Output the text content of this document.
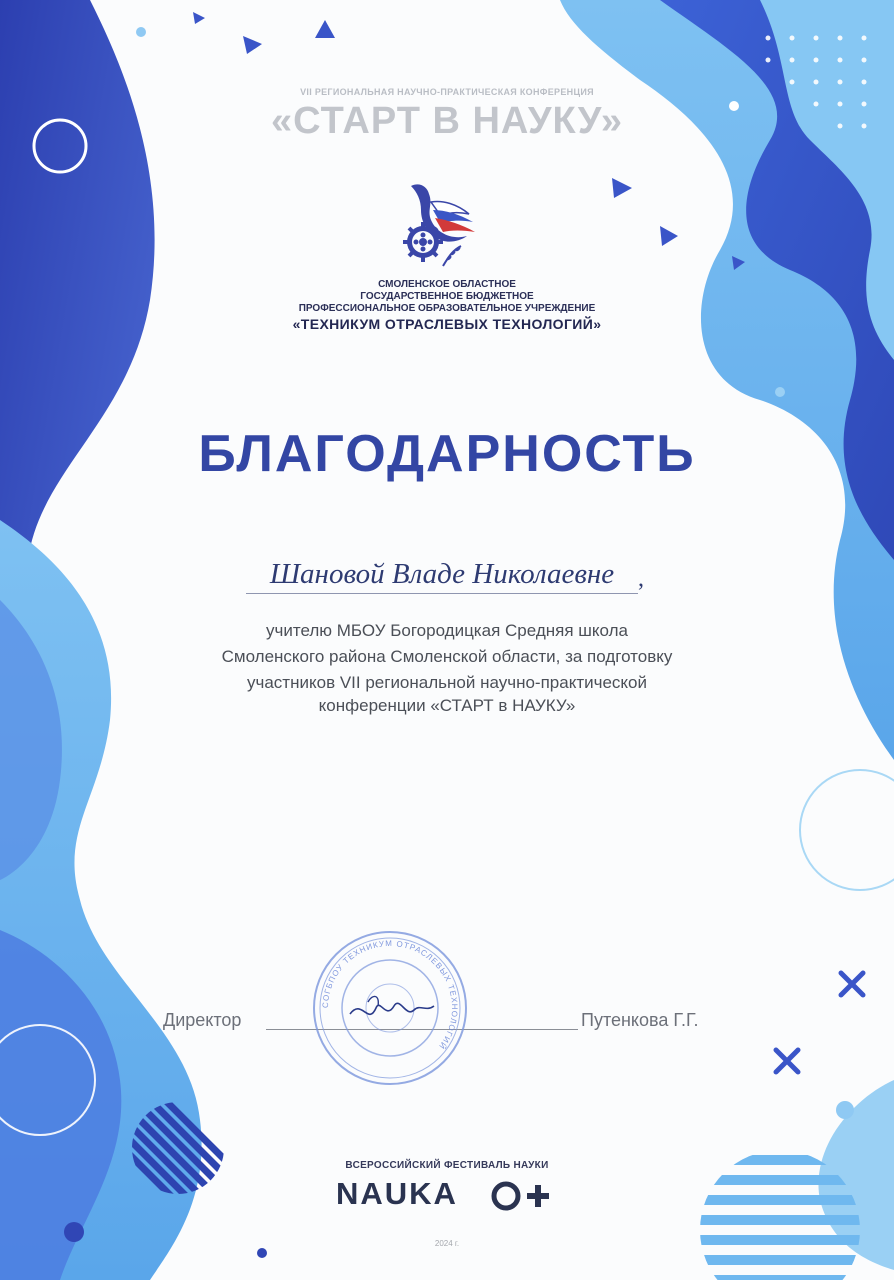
VII РЕГИОНАЛЬНАЯ НАУЧНО-ПРАКТИЧЕСКАЯ КОНФЕРЕНЦИЯ

«СТАРТ В НАУКУ»

СМОЛЕНСКОЕ ОБЛАСТНОЕ

ГОСУДАРСТВЕННОЕ БЮДЖЕТНОЕ

ПРОФЕССИОНАЛЬНОЕ ОБРАЗОВАТЕЛЬНОЕ УЧРЕЖДЕНИЕ

«ТЕХНИКУМ ОТРАСЛЕВЫХ ТЕХНОЛОГИЙ»

БЛАГОДАРНОСТЬ
Шановой Владе Николаевне ,

учителю МБОУ Богородицкая Средняя школа

Смоленского района Смоленской области, за подготовку

участников VII региональной научно-практической

конференции «СТАРТ в НАУКУ»

Директор	Путенкова Г.Г.
СОГБПОУ ТЕХНИКУМ ОТРАСЛЕВЫХ ТЕХНОЛОГИЙ

ВСЕРОССИЙСКИЙ ФЕСТИВАЛЬ НАУКИ

NAUKA

2024 г.
